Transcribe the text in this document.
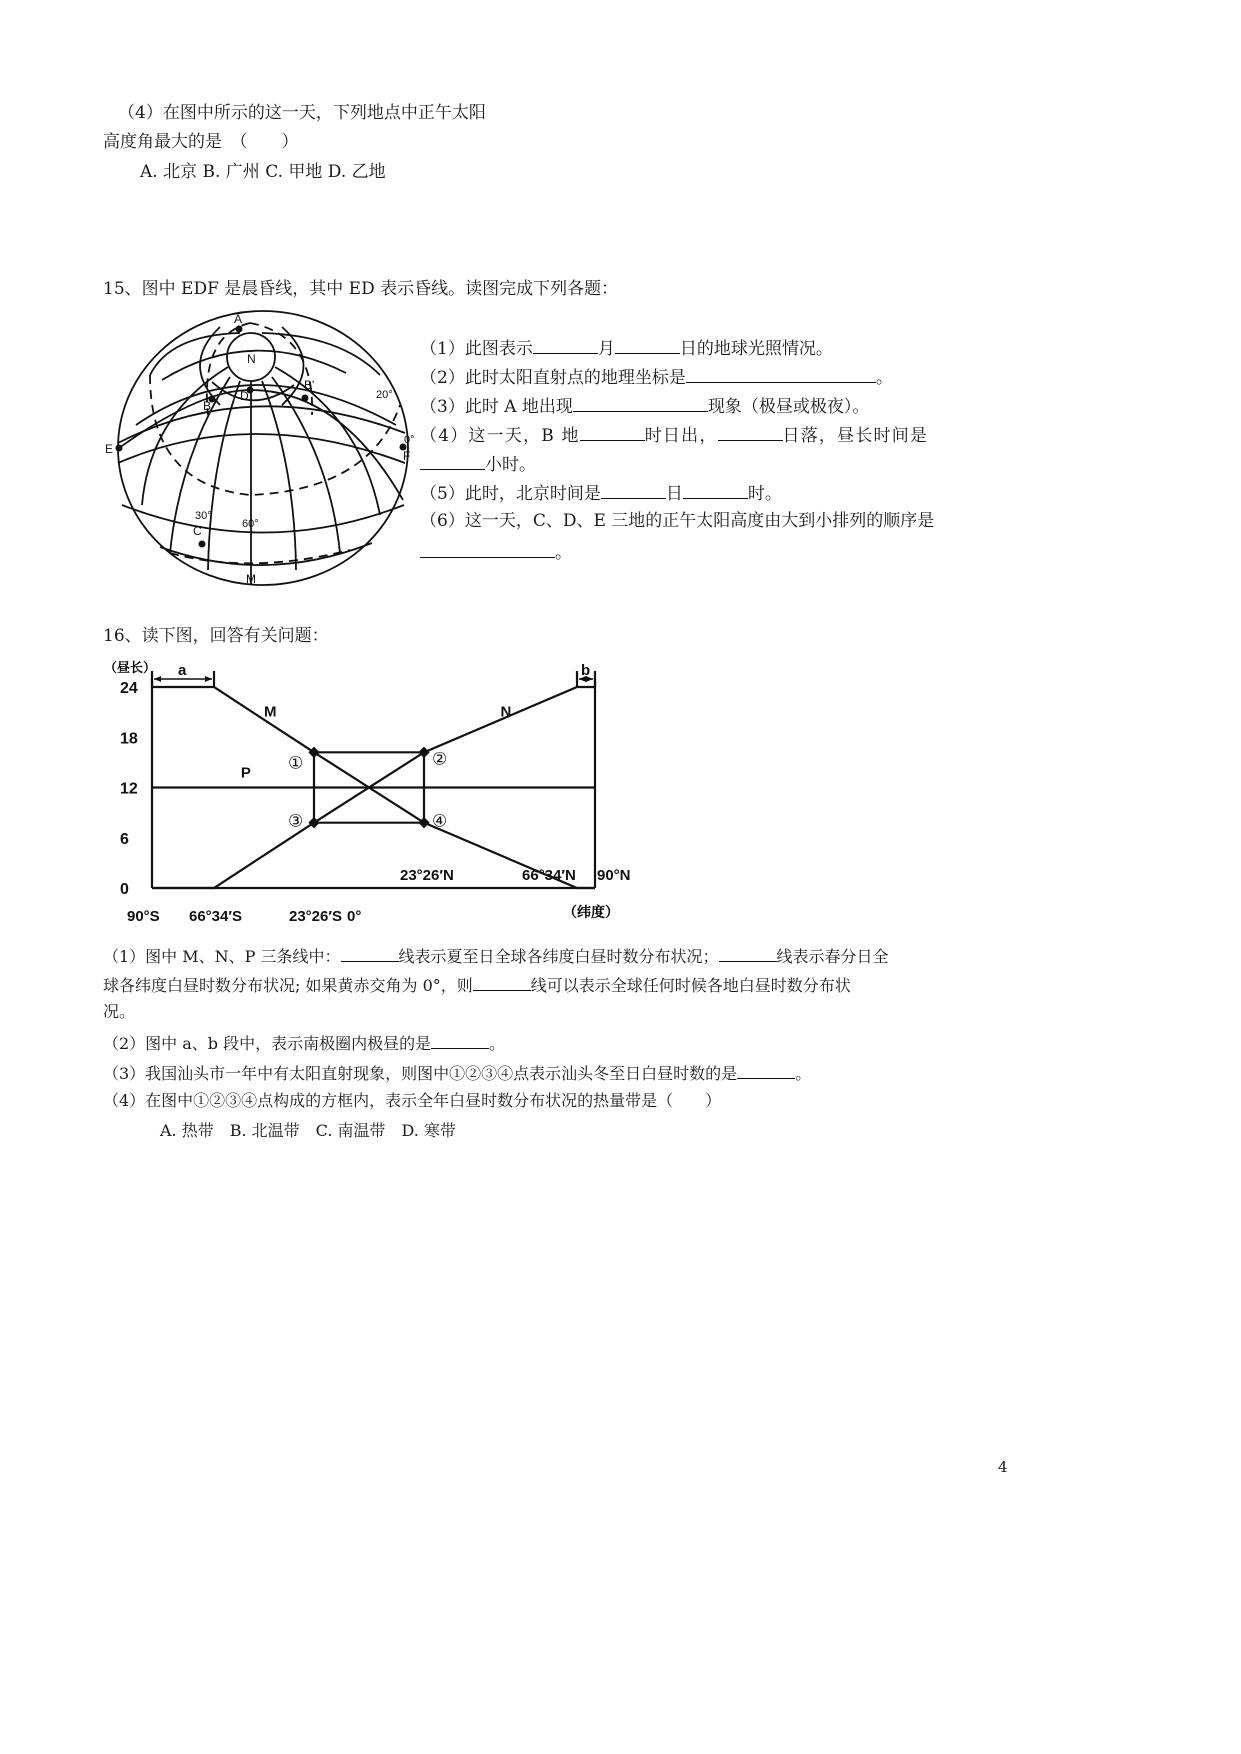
（4）在图中所示的这一天，下列地点中正午太阳
高度角最大的是　（　　）
A. 北京 B. 广州 C. 甲地 D. 乙地
15、图中 EDF 是晨昏线，其中 ED 表示昏线。读图完成下列各题：
A
N
B
D
B'
E	F
C
M
20°
0°
30°
60°
（1）此图表示	月	日的地球光照情况。
（2）此时太阳直射点的地理坐标是	。
（3）此时 A 地出现	现象（极昼或极夜）。
（4）这一天，B 地	时日出，	日落，昼长时间是
小时。
（5）此时，北京时间是	日	时。
（6）这一天，C、D、E 三地的正午太阳高度由大到小排列的顺序是
。
16、读下图，回答有关问题：
（昼长）
（纬度）
M	N
P
①	②
③	④
a	b
0
6
12
18
24
90°S 66°34′S	23°26′S 0°
23°26′N	66°34′N 90°N
（1）图中 M、N、P 三条线中：	线表示夏至日全球各纬度白昼时数分布状况；	线表示春分日全
球各纬度白昼时数分布状况; 如果黄赤交角为 0°，则	线可以表示全球任何时候各地白昼时数分布状
况。
（2）图中 a、b 段中，表示南极圈内极昼的是	。
（3）我国汕头市一年中有太阳直射现象，则图中①②③④点表示汕头冬至日白昼时数的是	。
（4）在图中①②③④点构成的方框内，表示全年白昼时数分布状况的热量带是（　　）
A. 热带　B. 北温带　C. 南温带　D. 寒带
4
